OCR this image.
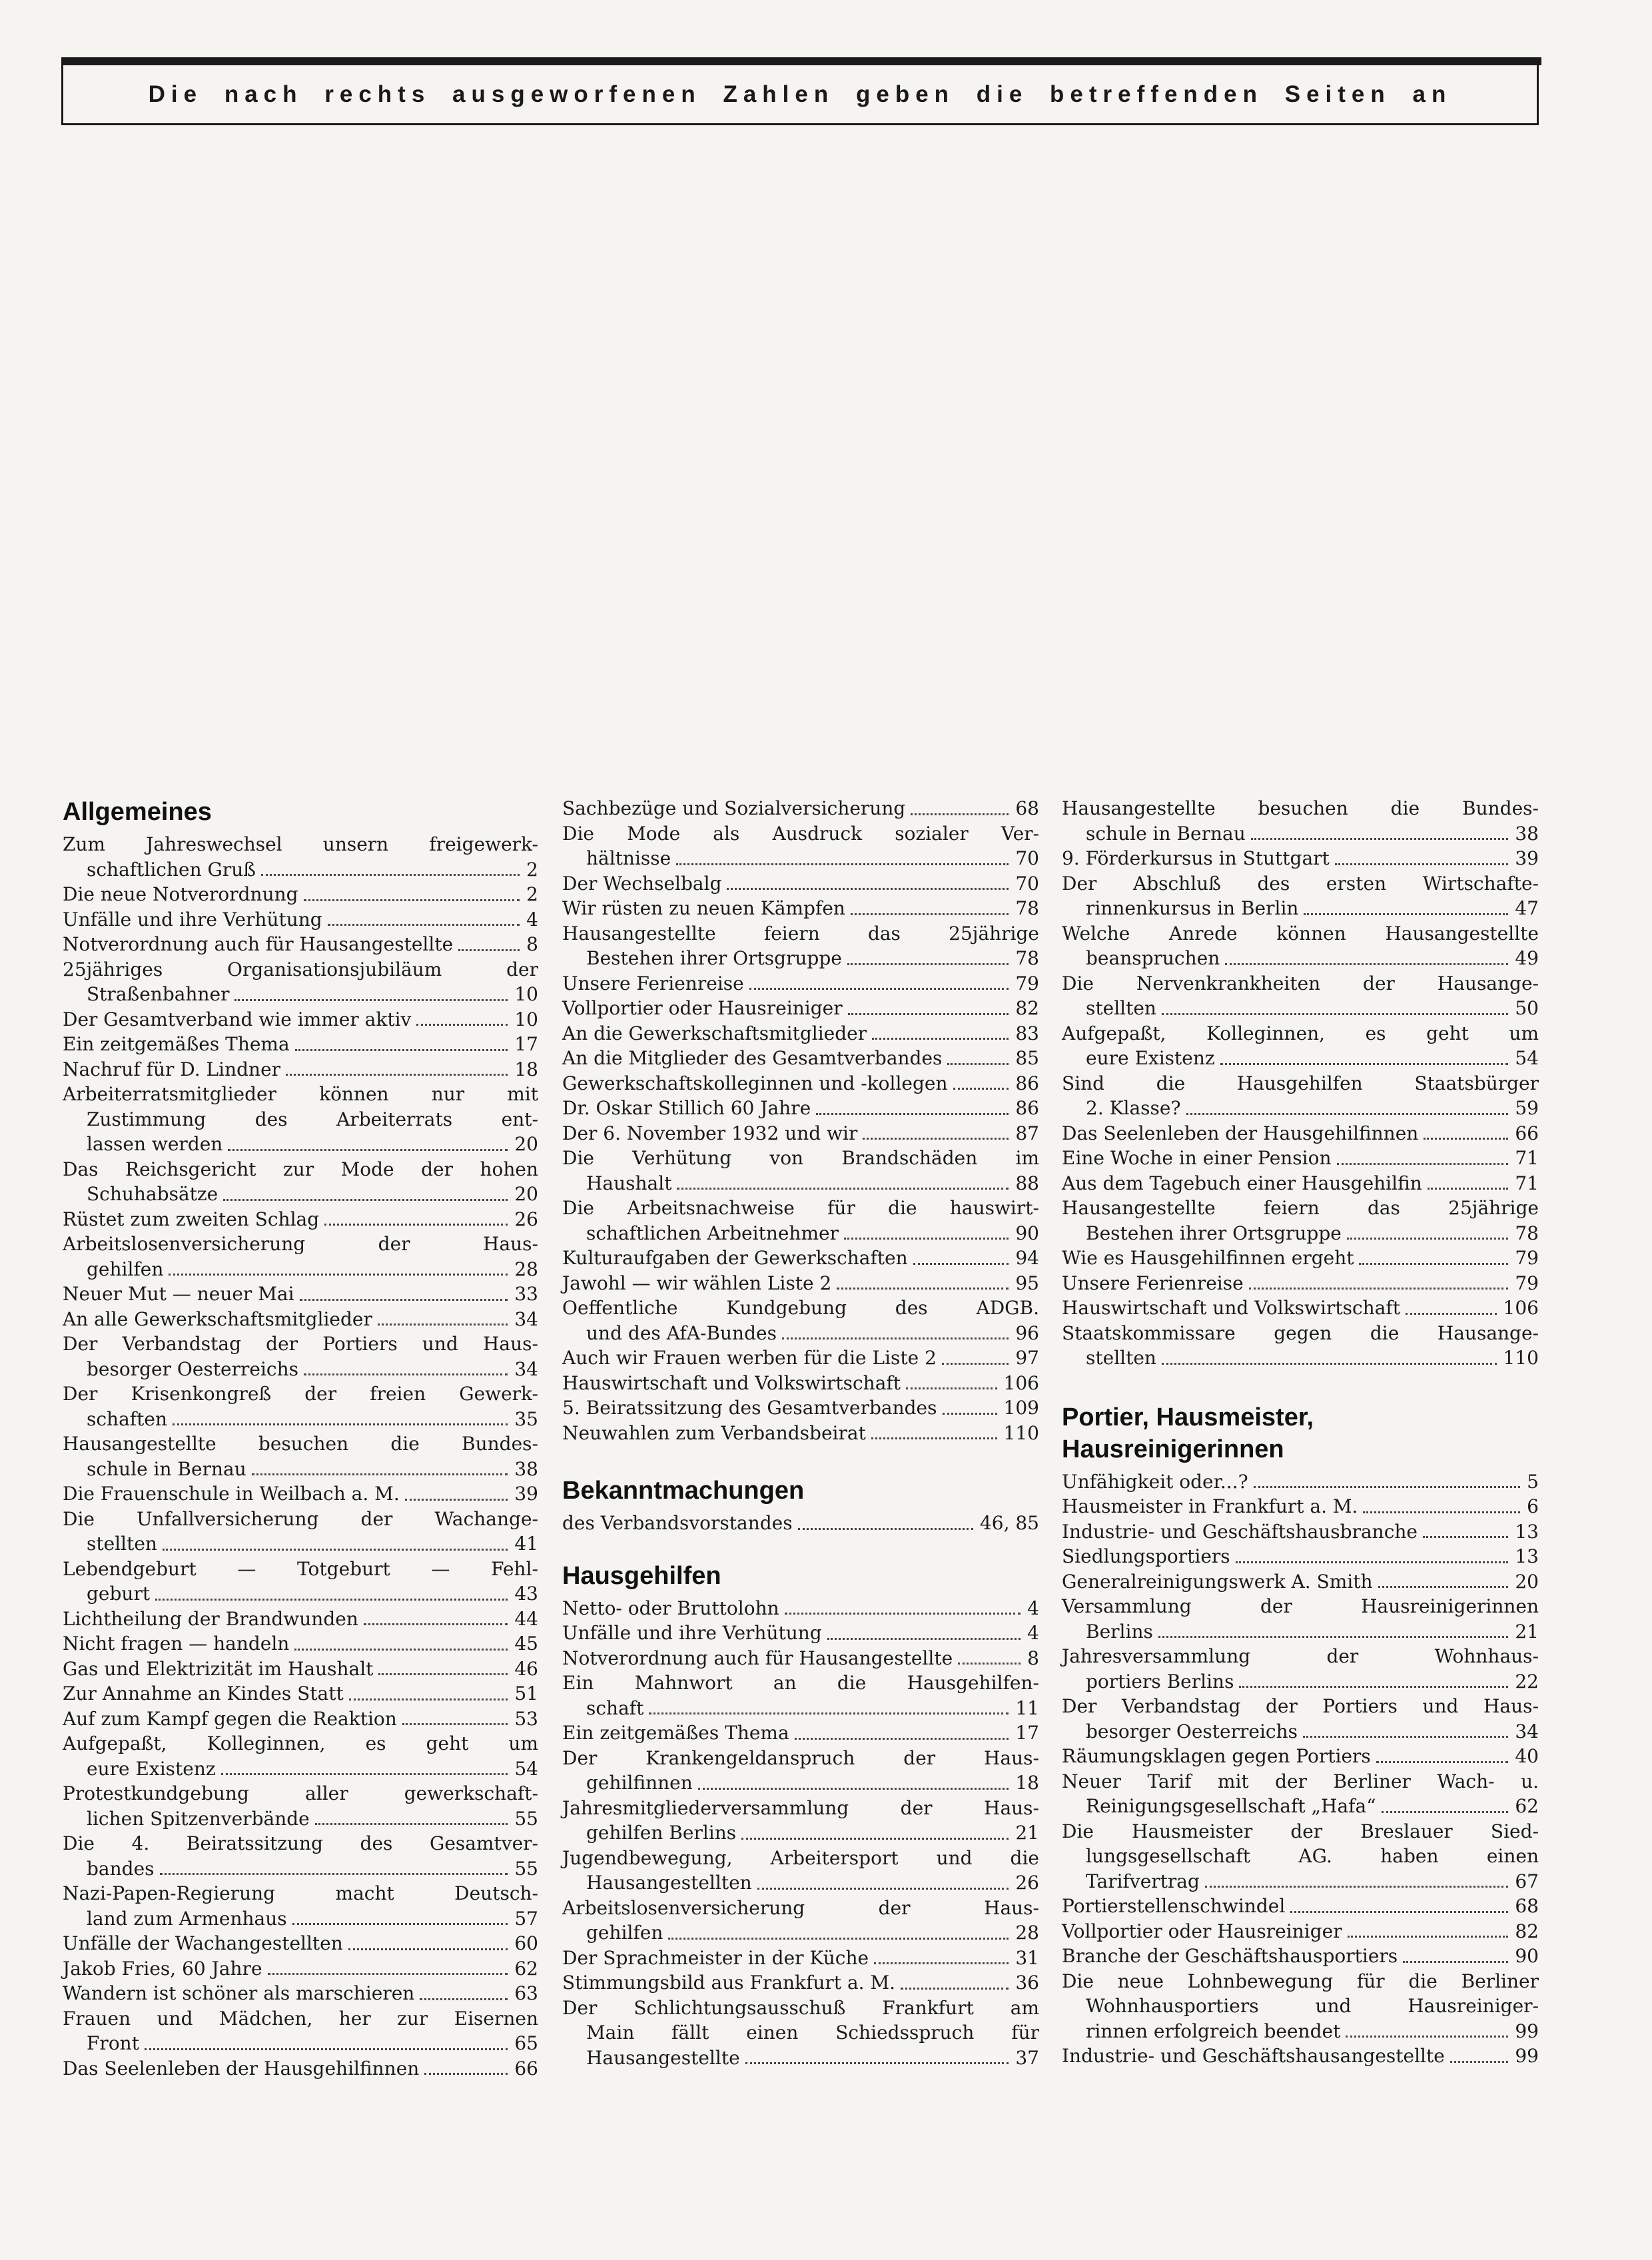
Die nach rechts ausgeworfenen Zahlen geben die betreffenden Seiten an
Allgemeines
Zum Jahreswechsel unsern freigewerk-
schaftlichen Gruß	2
Die neue Notverordnung	2
Unfälle und ihre Verhütung	4
Notverordnung auch für Hausangestellte	8
25jähriges Organisationsjubiläum der
Straßenbahner	10
Der Gesamtverband wie immer aktiv	10
Ein zeitgemäßes Thema	17
Nachruf für D. Lindner	18
Arbeiterratsmitglieder können nur mit
Zustimmung des Arbeiterrats ent-
lassen werden	20
Das Reichsgericht zur Mode der hohen
Schuhabsätze	20
Rüstet zum zweiten Schlag	26
Arbeitslosenversicherung der Haus-
gehilfen	28
Neuer Mut — neuer Mai	33
An alle Gewerkschaftsmitglieder	34
Der Verbandstag der Portiers und Haus-
besorger Oesterreichs	34
Der Krisenkongreß der freien Gewerk-
schaften	35
Hausangestellte besuchen die Bundes-
schule in Bernau	38
Die Frauenschule in Weilbach a. M.	39
Die Unfallversicherung der Wachange-
stellten	41
Lebendgeburt — Totgeburt — Fehl-
geburt	43
Lichtheilung der Brandwunden	44
Nicht fragen — handeln	45
Gas und Elektrizität im Haushalt	46
Zur Annahme an Kindes Statt	51
Auf zum Kampf gegen die Reaktion	53
Aufgepaßt, Kolleginnen, es geht um
eure Existenz	54
Protestkundgebung aller gewerkschaft-
lichen Spitzenverbände	55
Die 4. Beiratssitzung des Gesamtver-
bandes	55
Nazi-Papen-Regierung macht Deutsch-
land zum Armenhaus	57
Unfälle der Wachangestellten	60
Jakob Fries, 60 Jahre	62
Wandern ist schöner als marschieren	63
Frauen und Mädchen, her zur Eisernen
Front	65
Das Seelenleben der Hausgehilfinnen	66
Sachbezüge und Sozialversicherung	68
Die Mode als Ausdruck sozialer Ver-
hältnisse	70
Der Wechselbalg	70
Wir rüsten zu neuen Kämpfen	78
Hausangestellte feiern das 25jährige
Bestehen ihrer Ortsgruppe	78
Unsere Ferienreise	79
Vollportier oder Hausreiniger	82
An die Gewerkschaftsmitglieder	83
An die Mitglieder des Gesamtverbandes	85
Gewerkschaftskolleginnen und -kollegen	86
Dr. Oskar Stillich 60 Jahre	86
Der 6. November 1932 und wir	87
Die Verhütung von Brandschäden im
Haushalt	88
Die Arbeitsnachweise für die hauswirt-
schaftlichen Arbeitnehmer	90
Kulturaufgaben der Gewerkschaften	94
Jawohl — wir wählen Liste 2	95
Oeffentliche Kundgebung des ADGB.
und des AfA-Bundes	96
Auch wir Frauen werben für die Liste 2	97
Hauswirtschaft und Volkswirtschaft	106
5. Beiratssitzung des Gesamtverbandes	109
Neuwahlen zum Verbandsbeirat	110
Bekanntmachungen
des Verbandsvorstandes	46, 85
Hausgehilfen
Netto- oder Bruttolohn	4
Unfälle und ihre Verhütung	4
Notverordnung auch für Hausangestellte	8
Ein Mahnwort an die Hausgehilfen-
schaft	11
Ein zeitgemäßes Thema	17
Der Krankengeldanspruch der Haus-
gehilfinnen	18
Jahresmitgliederversammlung der Haus-
gehilfen Berlins	21
Jugendbewegung, Arbeitersport und die
Hausangestellten	26
Arbeitslosenversicherung der Haus-
gehilfen	28
Der Sprachmeister in der Küche	31
Stimmungsbild aus Frankfurt a. M.	36
Der Schlichtungsausschuß Frankfurt am
Main fällt einen Schiedsspruch für
Hausangestellte	37
Hausangestellte besuchen die Bundes-
schule in Bernau	38
9. Förderkursus in Stuttgart	39
Der Abschluß des ersten Wirtschafte-
rinnenkursus in Berlin	47
Welche Anrede können Hausangestellte
beanspruchen	49
Die Nervenkrankheiten der Hausange-
stellten	50
Aufgepaßt, Kolleginnen, es geht um
eure Existenz	54
Sind die Hausgehilfen Staatsbürger
2. Klasse?	59
Das Seelenleben der Hausgehilfinnen	66
Eine Woche in einer Pension	71
Aus dem Tagebuch einer Hausgehilfin	71
Hausangestellte feiern das 25jährige
Bestehen ihrer Ortsgruppe	78
Wie es Hausgehilfinnen ergeht	79
Unsere Ferienreise	79
Hauswirtschaft und Volkswirtschaft	106
Staatskommissare gegen die Hausange-
stellten	110
Portier, Hausmeister, Hausreinigerinnen
Unfähigkeit oder...?	5
Hausmeister in Frankfurt a. M.	6
Industrie- und Geschäftshausbranche	13
Siedlungsportiers	13
Generalreinigungswerk A. Smith	20
Versammlung der Hausreinigerinnen
Berlins	21
Jahresversammlung der Wohnhaus-
portiers Berlins	22
Der Verbandstag der Portiers und Haus-
besorger Oesterreichs	34
Räumungsklagen gegen Portiers	40
Neuer Tarif mit der Berliner Wach- u.
Reinigungsgesellschaft „Hafa“	62
Die Hausmeister der Breslauer Sied-
lungsgesellschaft AG. haben einen
Tarifvertrag	67
Portierstellenschwindel	68
Vollportier oder Hausreiniger	82
Branche der Geschäftshausportiers	90
Die neue Lohnbewegung für die Berliner
Wohnhausportiers und Hausreiniger-
rinnen erfolgreich beendet	99
Industrie- und Geschäftshausangestellte	99
